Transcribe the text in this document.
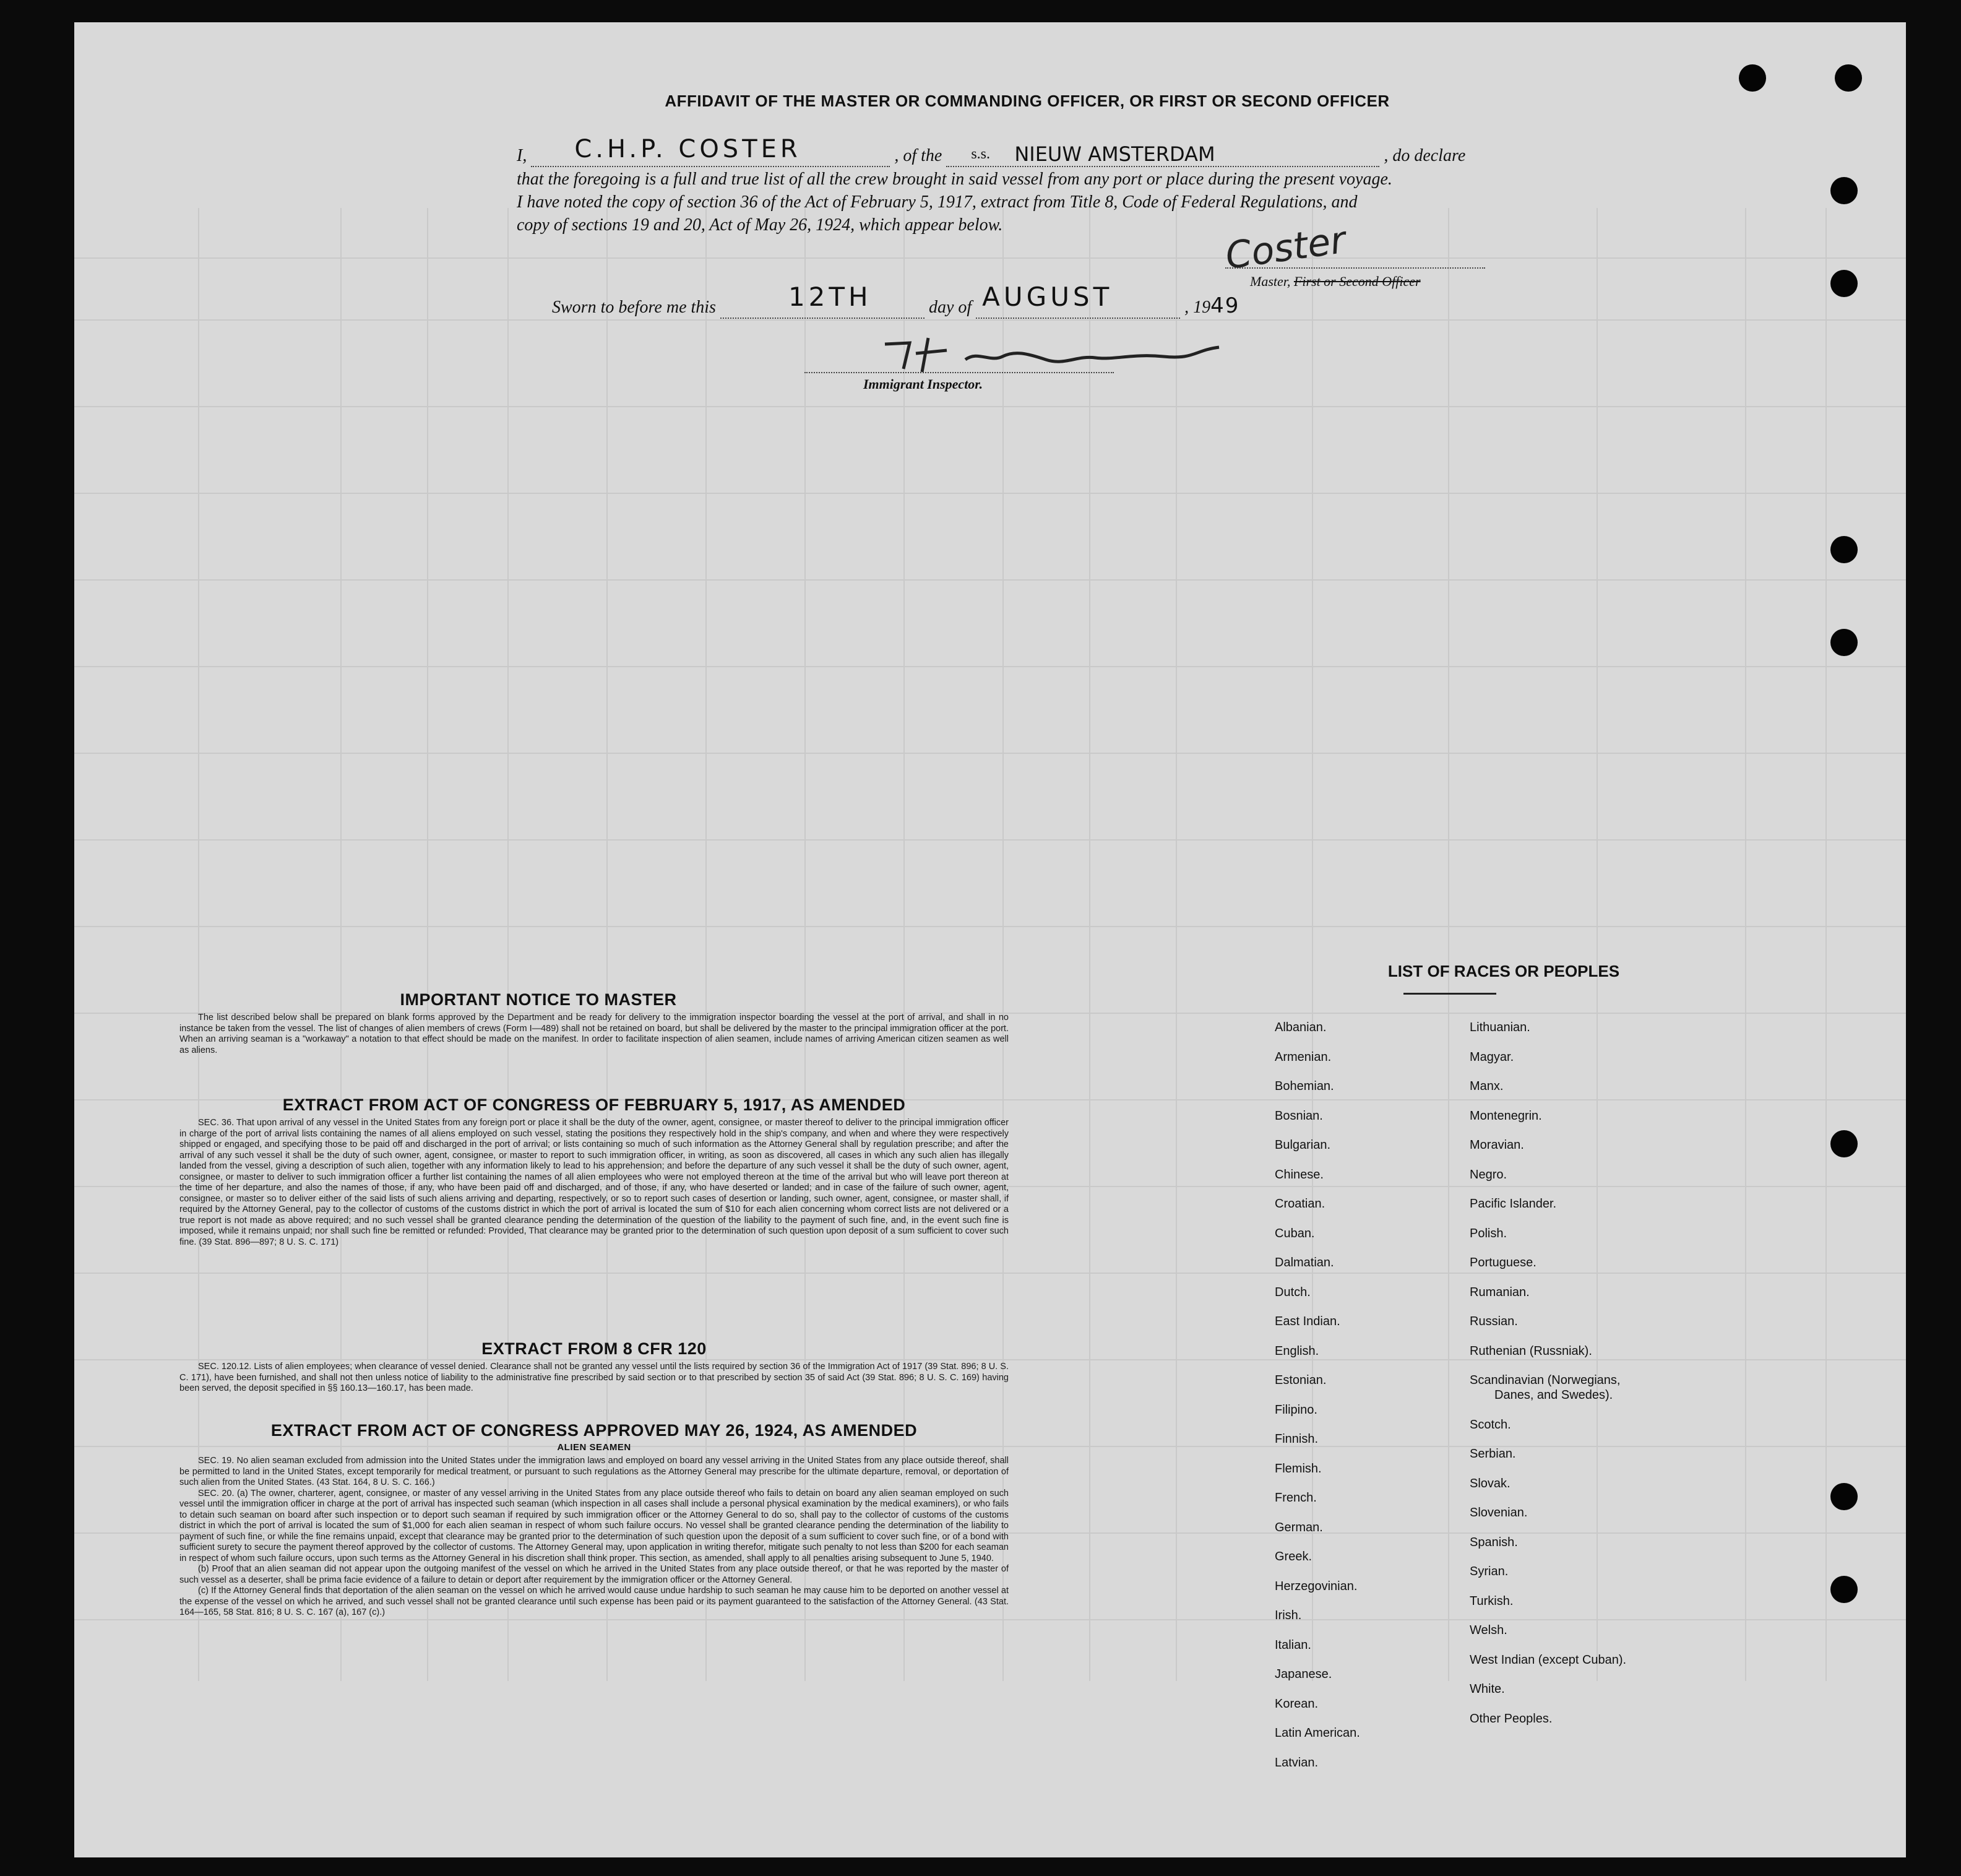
AFFIDAVIT OF THE MASTER OR COMMANDING OFFICER, OR FIRST OR SECOND OFFICER
I, C.H.P. COSTER	, of the s.s. NIEUW AMSTERDAM	, do declare
that the foregoing is a full and true list of all the crew brought in said vessel from any port or place during the present voyage.
I have noted the copy of section 36 of the Act of February 5, 1917, extract from Title 8, Code of Federal Regulations, and
copy of sections 19 and 20, Act of May 26, 1924, which appear below.	Coster
Master, First or Second Officer
Sworn to before me this	12TH	day of AUGUST	, 1949
Immigrant Inspector.
IMPORTANT NOTICE TO MASTER

The list described below shall be prepared on blank forms approved by the Department and be ready for delivery to the immigration inspector boarding the vessel at the port of arrival, and shall in no instance be taken from the vessel. The list of changes of alien members of crews (Form I—489) shall not be retained on board, but shall be delivered by the master to the principal immigration officer at the port. When an arriving seaman is a "workaway" a notation to that effect should be made on the manifest. In order to facilitate inspection of alien seamen, include names of arriving American citizen seamen as well as aliens.

EXTRACT FROM ACT OF CONGRESS OF FEBRUARY 5, 1917, AS AMENDED

SEC. 36. That upon arrival of any vessel in the United States from any foreign port or place it shall be the duty of the owner, agent, consignee, or master thereof to deliver to the principal immigration officer in charge of the port of arrival lists containing the names of all aliens employed on such vessel, stating the positions they respectively hold in the ship's company, and when and where they were respectively shipped or engaged, and specifying those to be paid off and discharged in the port of arrival; or lists containing so much of such information as the Attorney General shall by regulation prescribe; and after the arrival of any such vessel it shall be the duty of such owner, agent, consignee, or master to report to such immigration officer, in writing, as soon as discovered, all cases in which any such alien has illegally landed from the vessel, giving a description of such alien, together with any information likely to lead to his apprehension; and before the departure of any such vessel it shall be the duty of such owner, agent, consignee, or master to deliver to such immigration officer a further list containing the names of all alien employees who were not employed thereon at the time of the arrival but who will leave port thereon at the time of her departure, and also the names of those, if any, who have been paid off and discharged, and of those, if any, who have deserted or landed; and in case of the failure of such owner, agent, consignee, or master so to deliver either of the said lists of such aliens arriving and departing, respectively, or so to report such cases of desertion or landing, such owner, agent, consignee, or master shall, if required by the Attorney General, pay to the collector of customs of the customs district in which the port of arrival is located the sum of $10 for each alien concerning whom correct lists are not delivered or a true report is not made as above required; and no such vessel shall be granted clearance pending the determination of the question of the liability to the payment of such fine, and, in the event such fine is imposed, while it remains unpaid; nor shall such fine be remitted or refunded: Provided, That clearance may be granted prior to the determination of such question upon deposit of a sum sufficient to cover such fine. (39 Stat. 896—897; 8 U. S. C. 171)

EXTRACT FROM 8 CFR 120

SEC. 120.12. Lists of alien employees; when clearance of vessel denied. Clearance shall not be granted any vessel until the lists required by section 36 of the Immigration Act of 1917 (39 Stat. 896; 8 U. S. C. 171), have been furnished, and shall not then unless notice of liability to the administrative fine prescribed by said section or to that prescribed by section 35 of said Act (39 Stat. 896; 8 U. S. C. 169) having been served, the deposit specified in §§ 160.13—160.17, has been made.

EXTRACT FROM ACT OF CONGRESS APPROVED MAY 26, 1924, AS AMENDED
ALIEN SEAMEN

SEC. 19. No alien seaman excluded from admission into the United States under the immigration laws and employed on board any vessel arriving in the United States from any place outside thereof, shall be permitted to land in the United States, except temporarily for medical treatment, or pursuant to such regulations as the Attorney General may prescribe for the ultimate departure, removal, or deportation of such alien from the United States. (43 Stat. 164, 8 U. S. C. 166.)

SEC. 20. (a) The owner, charterer, agent, consignee, or master of any vessel arriving in the United States from any place outside thereof who fails to detain on board any alien seaman employed on such vessel until the immigration officer in charge at the port of arrival has inspected such seaman (which inspection in all cases shall include a personal physical examination by the medical examiners), or who fails to detain such seaman on board after such inspection or to deport such seaman if required by such immigration officer or the Attorney General to do so, shall pay to the collector of customs of the customs district in which the port of arrival is located the sum of $1,000 for each alien seaman in respect of whom such failure occurs. No vessel shall be granted clearance pending the determination of the liability to payment of such fine, or while the fine remains unpaid, except that clearance may be granted prior to the determination of such question upon the deposit of a sum sufficient to cover such fine, or of a bond with sufficient surety to secure the payment thereof approved by the collector of customs. The Attorney General may, upon application in writing therefor, mitigate such penalty to not less than $200 for each seaman in respect of whom such failure occurs, upon such terms as the Attorney General in his discretion shall think proper. This section, as amended, shall apply to all penalties arising subsequent to June 5, 1940.

(b) Proof that an alien seaman did not appear upon the outgoing manifest of the vessel on which he arrived in the United States from any place outside thereof, or that he was reported by the master of such vessel as a deserter, shall be prima facie evidence of a failure to detain or deport after requirement by the immigration officer or the Attorney General.

(c) If the Attorney General finds that deportation of the alien seaman on the vessel on which he arrived would cause undue hardship to such seaman he may cause him to be deported on another vessel at the expense of the vessel on which he arrived, and such vessel shall not be granted clearance until such expense has been paid or its payment guaranteed to the satisfaction of the Attorney General. (43 Stat. 164—165, 58 Stat. 816; 8 U. S. C. 167 (a), 167 (c).)

LIST OF RACES OR PEOPLES
Albanian.
Armenian.
Bohemian.
Bosnian.
Bulgarian.
Chinese.
Croatian.
Cuban.
Dalmatian.
Dutch.
East Indian.
English.
Estonian.
Filipino.
Finnish.
Flemish.
French.
German.
Greek.
Herzegovinian.
Irish.
Italian.
Japanese.
Korean.
Latin American.
Latvian.
Lithuanian.
Magyar.
Manx.
Montenegrin.
Moravian.
Negro.
Pacific Islander.
Polish.
Portuguese.
Rumanian.
Russian.
Ruthenian (Russniak).
Scandinavian (Norwegians,
Danes, and Swedes).
Scotch.
Serbian.
Slovak.
Slovenian.
Spanish.
Syrian.
Turkish.
Welsh.
West Indian (except Cuban).
White.
Other Peoples.
